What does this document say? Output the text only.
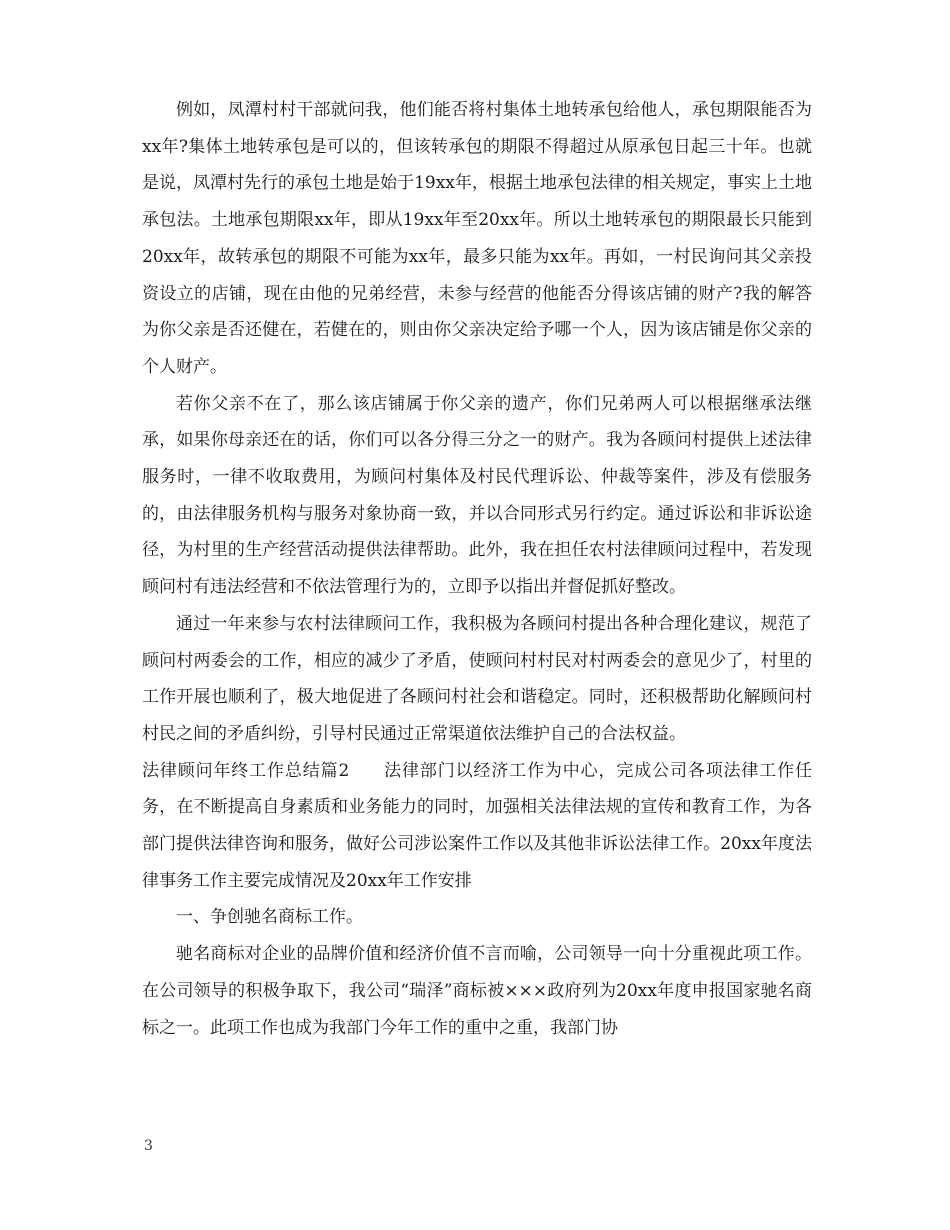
例如，凤潭村村干部就问我，他们能否将村集体土地转承包给他人，承包期限能否为xx年?集体土地转承包是可以的，但该转承包的期限不得超过从原承包日起三十年。也就是说，凤潭村先行的承包土地是始于19xx年，根据土地承包法律的相关规定，事实上土地承包法。土地承包期限xx年，即从19xx年至20xx年。所以土地转承包的期限最长只能到20xx年，故转承包的期限不可能为xx年，最多只能为xx年。再如，一村民询问其父亲投资设立的店铺，现在由他的兄弟经营，未参与经营的他能否分得该店铺的财产?我的解答为你父亲是否还健在，若健在的，则由你父亲决定给予哪一个人，因为该店铺是你父亲的个人财产。

若你父亲不在了，那么该店铺属于你父亲的遗产，你们兄弟两人可以根据继承法继承，如果你母亲还在的话，你们可以各分得三分之一的财产。我为各顾问村提供上述法律服务时，一律不收取费用，为顾问村集体及村民代理诉讼、仲裁等案件，涉及有偿服务的，由法律服务机构与服务对象协商一致，并以合同形式另行约定。通过诉讼和非诉讼途径，为村里的生产经营活动提供法律帮助。此外，我在担任农村法律顾问过程中，若发现顾问村有违法经营和不依法管理行为的，立即予以指出并督促抓好整改。

通过一年来参与农村法律顾问工作，我积极为各顾问村提出各种合理化建议，规范了顾问村两委会的工作，相应的减少了矛盾，使顾问村村民对村两委会的意见少了，村里的工作开展也顺利了，极大地促进了各顾问村社会和谐稳定。同时，还积极帮助化解顾问村村民之间的矛盾纠纷，引导村民通过正常渠道依法维护自己的合法权益。

法律顾问年终工作总结篇2 法律部门以经济工作为中心，完成公司各项法律工作任务，在不断提高自身素质和业务能力的同时，加强相关法律法规的宣传和教育工作，为各部门提供法律咨询和服务，做好公司涉讼案件工作以及其他非诉讼法律工作。20xx年度法律事务工作主要完成情况及20xx年工作安排

一、争创驰名商标工作。

驰名商标对企业的品牌价值和经济价值不言而喻，公司领导一向十分重视此项工作。在公司领导的积极争取下，我公司“瑞泽”商标被×××政府列为20xx年度申报国家驰名商标之一。此项工作也成为我部门今年工作的重中之重，我部门协

3
